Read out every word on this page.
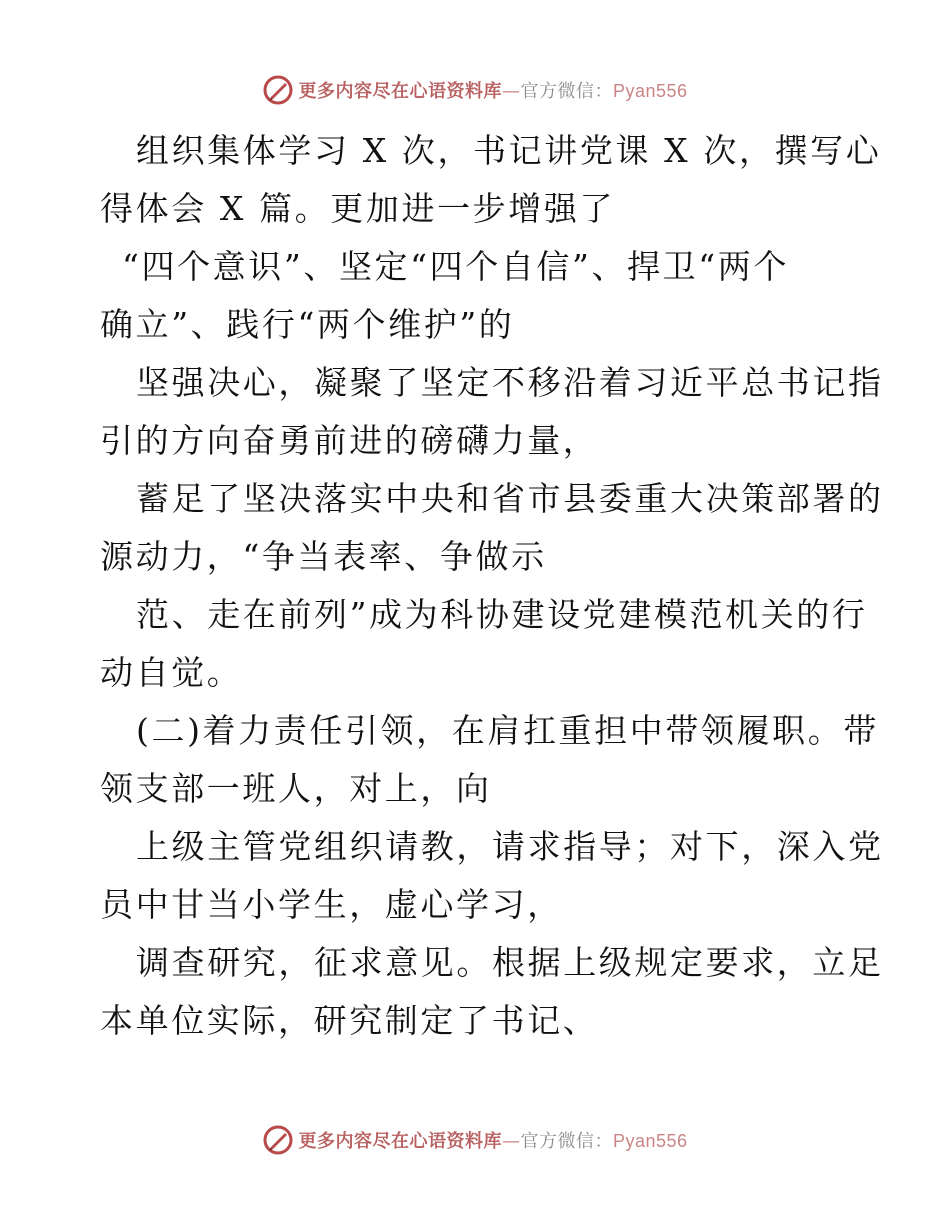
更多内容尽在心语资料库—官方微信：Pyan556
组织集体学习 X 次，书记讲党课 X 次，撰写心
得体会 X 篇。更加进一步增强了
“四个意识”、坚定“四个自信”、捍卫“两个
确立”、践行“两个维护”的
坚强决心，凝聚了坚定不移沿着习近平总书记指
引的方向奋勇前进的磅礴力量，
蓄足了坚决落实中央和省市县委重大决策部署的
源动力，“争当表率、争做示
范、走在前列”成为科协建设党建模范机关的行
动自觉。
(二)着力责任引领，在肩扛重担中带领履职。带
领支部一班人，对上，向
上级主管党组织请教，请求指导；对下，深入党
员中甘当小学生，虚心学习，
调查研究，征求意见。根据上级规定要求，立足
本单位实际，研究制定了书记、
更多内容尽在心语资料库—官方微信：Pyan556
